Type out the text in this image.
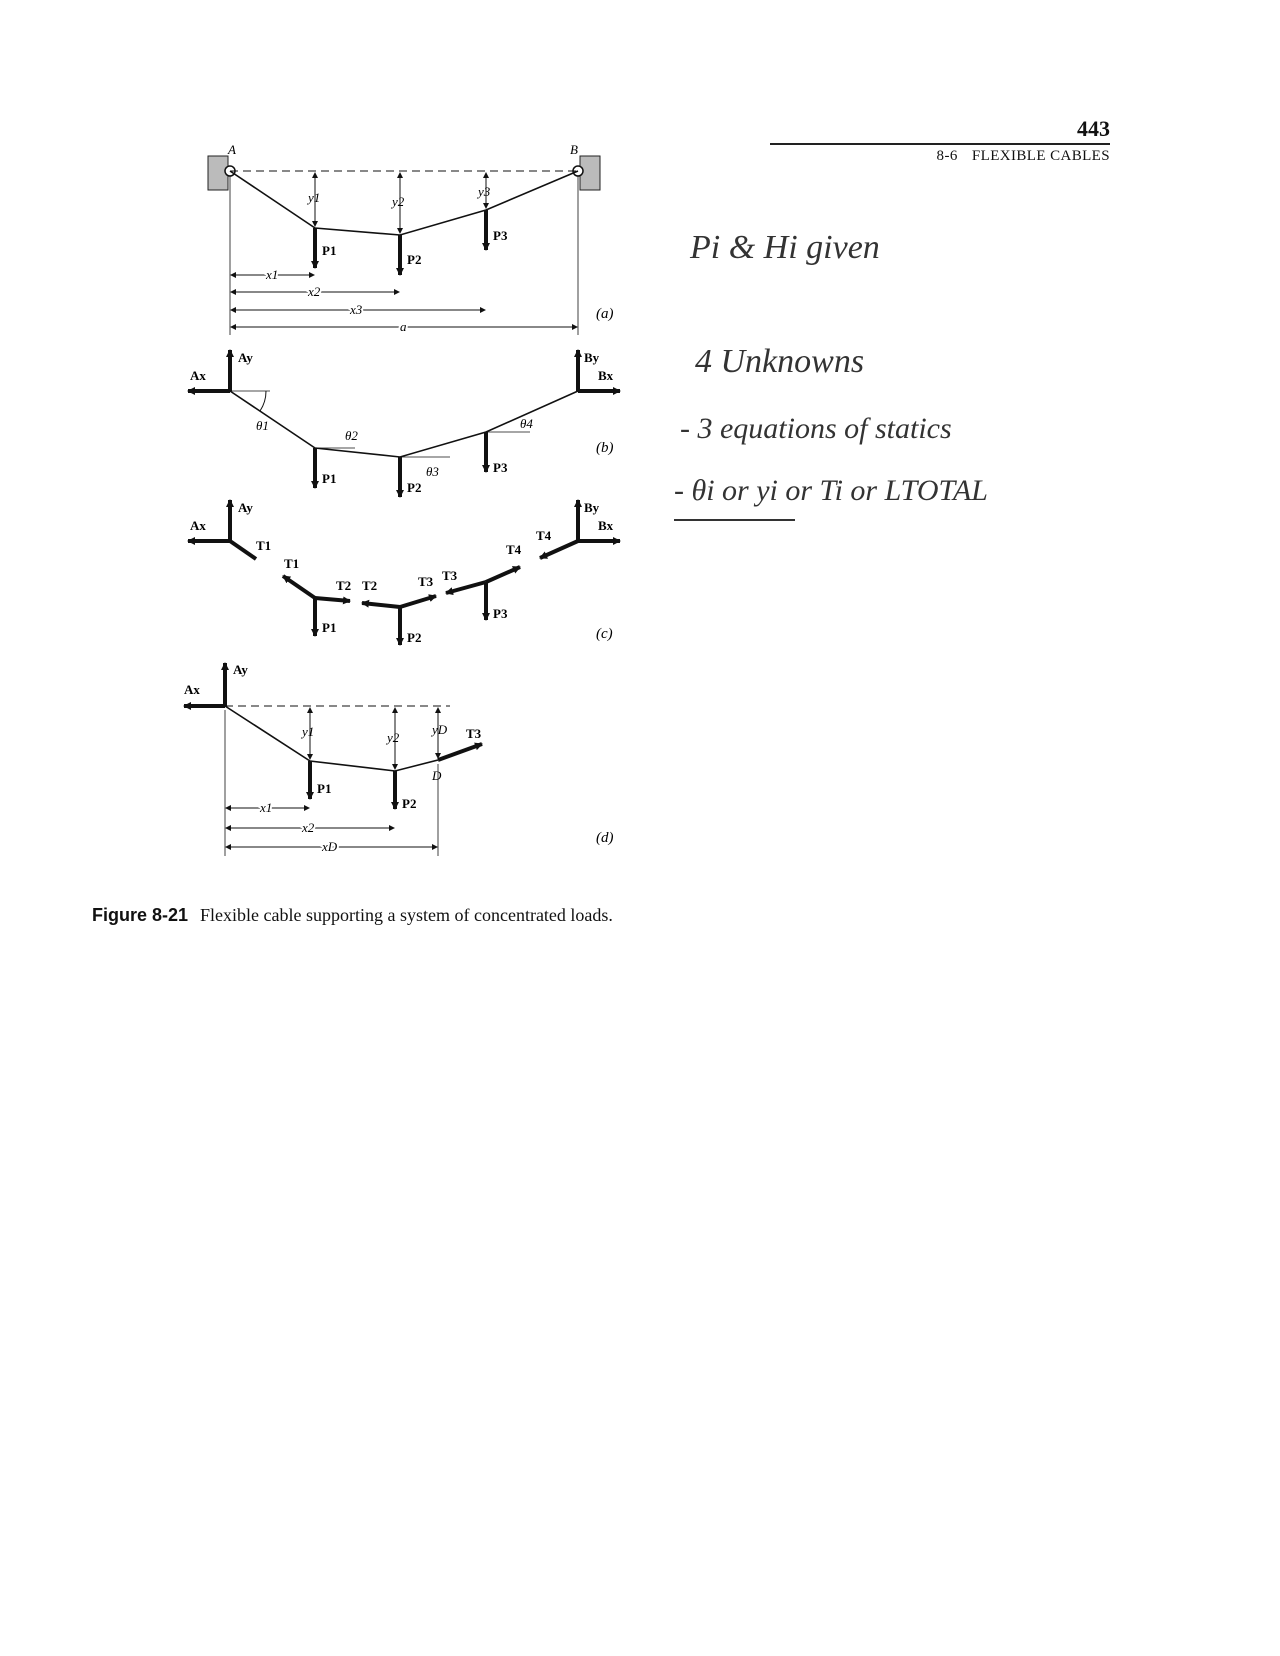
443
8-6 FLEXIBLE CABLES
A	B
y1	y2
y3
P1
P2
P3
x1
x2
x3
a
(a)
Ax
Ay	By
Bx
θ1
θ2
θ3
θ4
P1
P2
P3
(b)
Ax
Ay
T1
T1
T2
P1
T2	T3
P2
T3
T4
P3
By
Bx
T4
(c)
Ax
Ay
T3
D
y1	y2
yD
P1
P2
x1
x2
xD
(d)
Figure 8-21 Flexible cable supporting a system of concentrated loads.
Pi & Hi given
4 Unknowns
- 3 equations of statics
- θi or yi or Ti or LTOTAL
